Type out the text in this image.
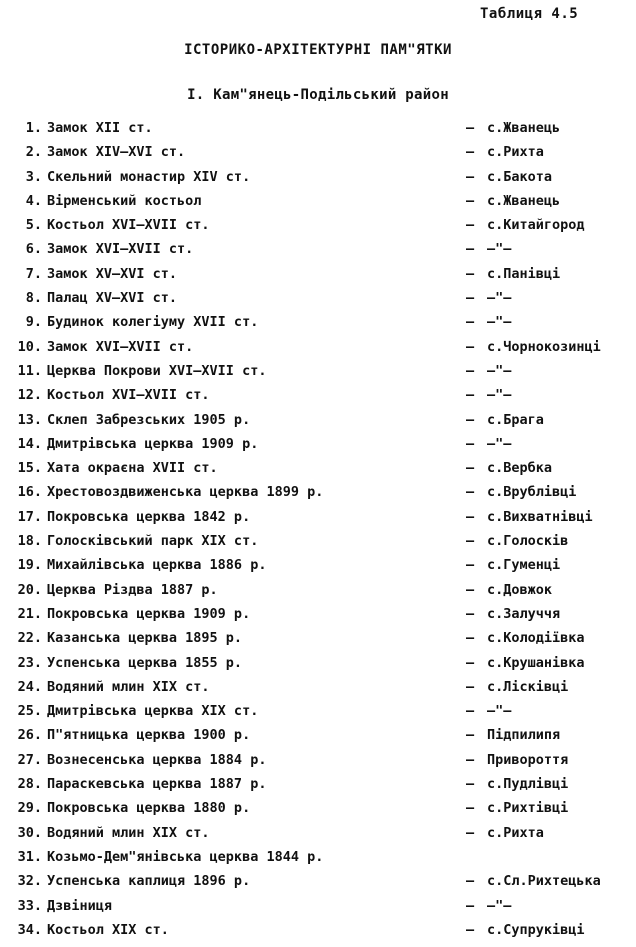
Таблиця 4.5
ІСТОРИКО-АРХІТЕКТУРНІ ПАМ"ЯТКИ
І. Кам"янець-Подільський район
1. Замок XII ст.	– с.Жванець
2. Замок XIV–XVI ст.	– с.Рихта
3. Скельний монастир XIV ст.	– с.Бакота
4. Вірменський костьол	– с.Жванець
5. Костьол XVI–XVII ст.	– с.Китайгород
6. Замок XVI–XVII ст.	– –"–
7. Замок XV–XVI ст.	– с.Панівці
8. Палац XV–XVI ст.	– –"–
9. Будинок колегіуму XVII ст.	– –"–
10. Замок XVI–XVII ст.	– с.Чорнокозинці
11. Церква Покрови XVI–XVII ст.	– –"–
12. Костьол XVI–XVII ст.	– –"–
13. Склеп Забрезських 1905 р.	– с.Брага
14. Дмитрівська церква 1909 р.	– –"–
15. Хата окраєна XVII ст.	– с.Вербка
16. Хрестовоздвиженська церква 1899 р.	– с.Врублівці
17. Покровська церква 1842 р.	– с.Вихватнівці
18. Голосківський парк XIX ст.	– с.Голосків
19. Михайлівська церква 1886 р.	– с.Гуменці
20. Церква Різдва 1887 р.	– с.Довжок
21. Покровська церква 1909 р.	– с.Залуччя
22. Казанська церква 1895 р.	– с.Колодіївка
23. Успенська церква 1855 р.	– с.Крушанівка
24. Водяний млин XIX ст.	– с.Лісківці
25. Дмитрівська церква XIX ст.	– –"–
26. П"ятницька церква 1900 р.	– Підпилипя
27. Вознесенська церква 1884 р.	– Привороття
28. Параскевська церква 1887 р.	– с.Пудлівці
29. Покровська церква 1880 р.	– с.Рихтівці
30. Водяний млин XIX ст.	– с.Рихта
31. Козьмо-Дем"янівська церква 1844 р.
32. Успенська каплиця 1896 р.	– с.Сл.Рихтецька
33. Дзвіниця	– –"–
34. Костьол XIX ст.	– с.Супруківці
